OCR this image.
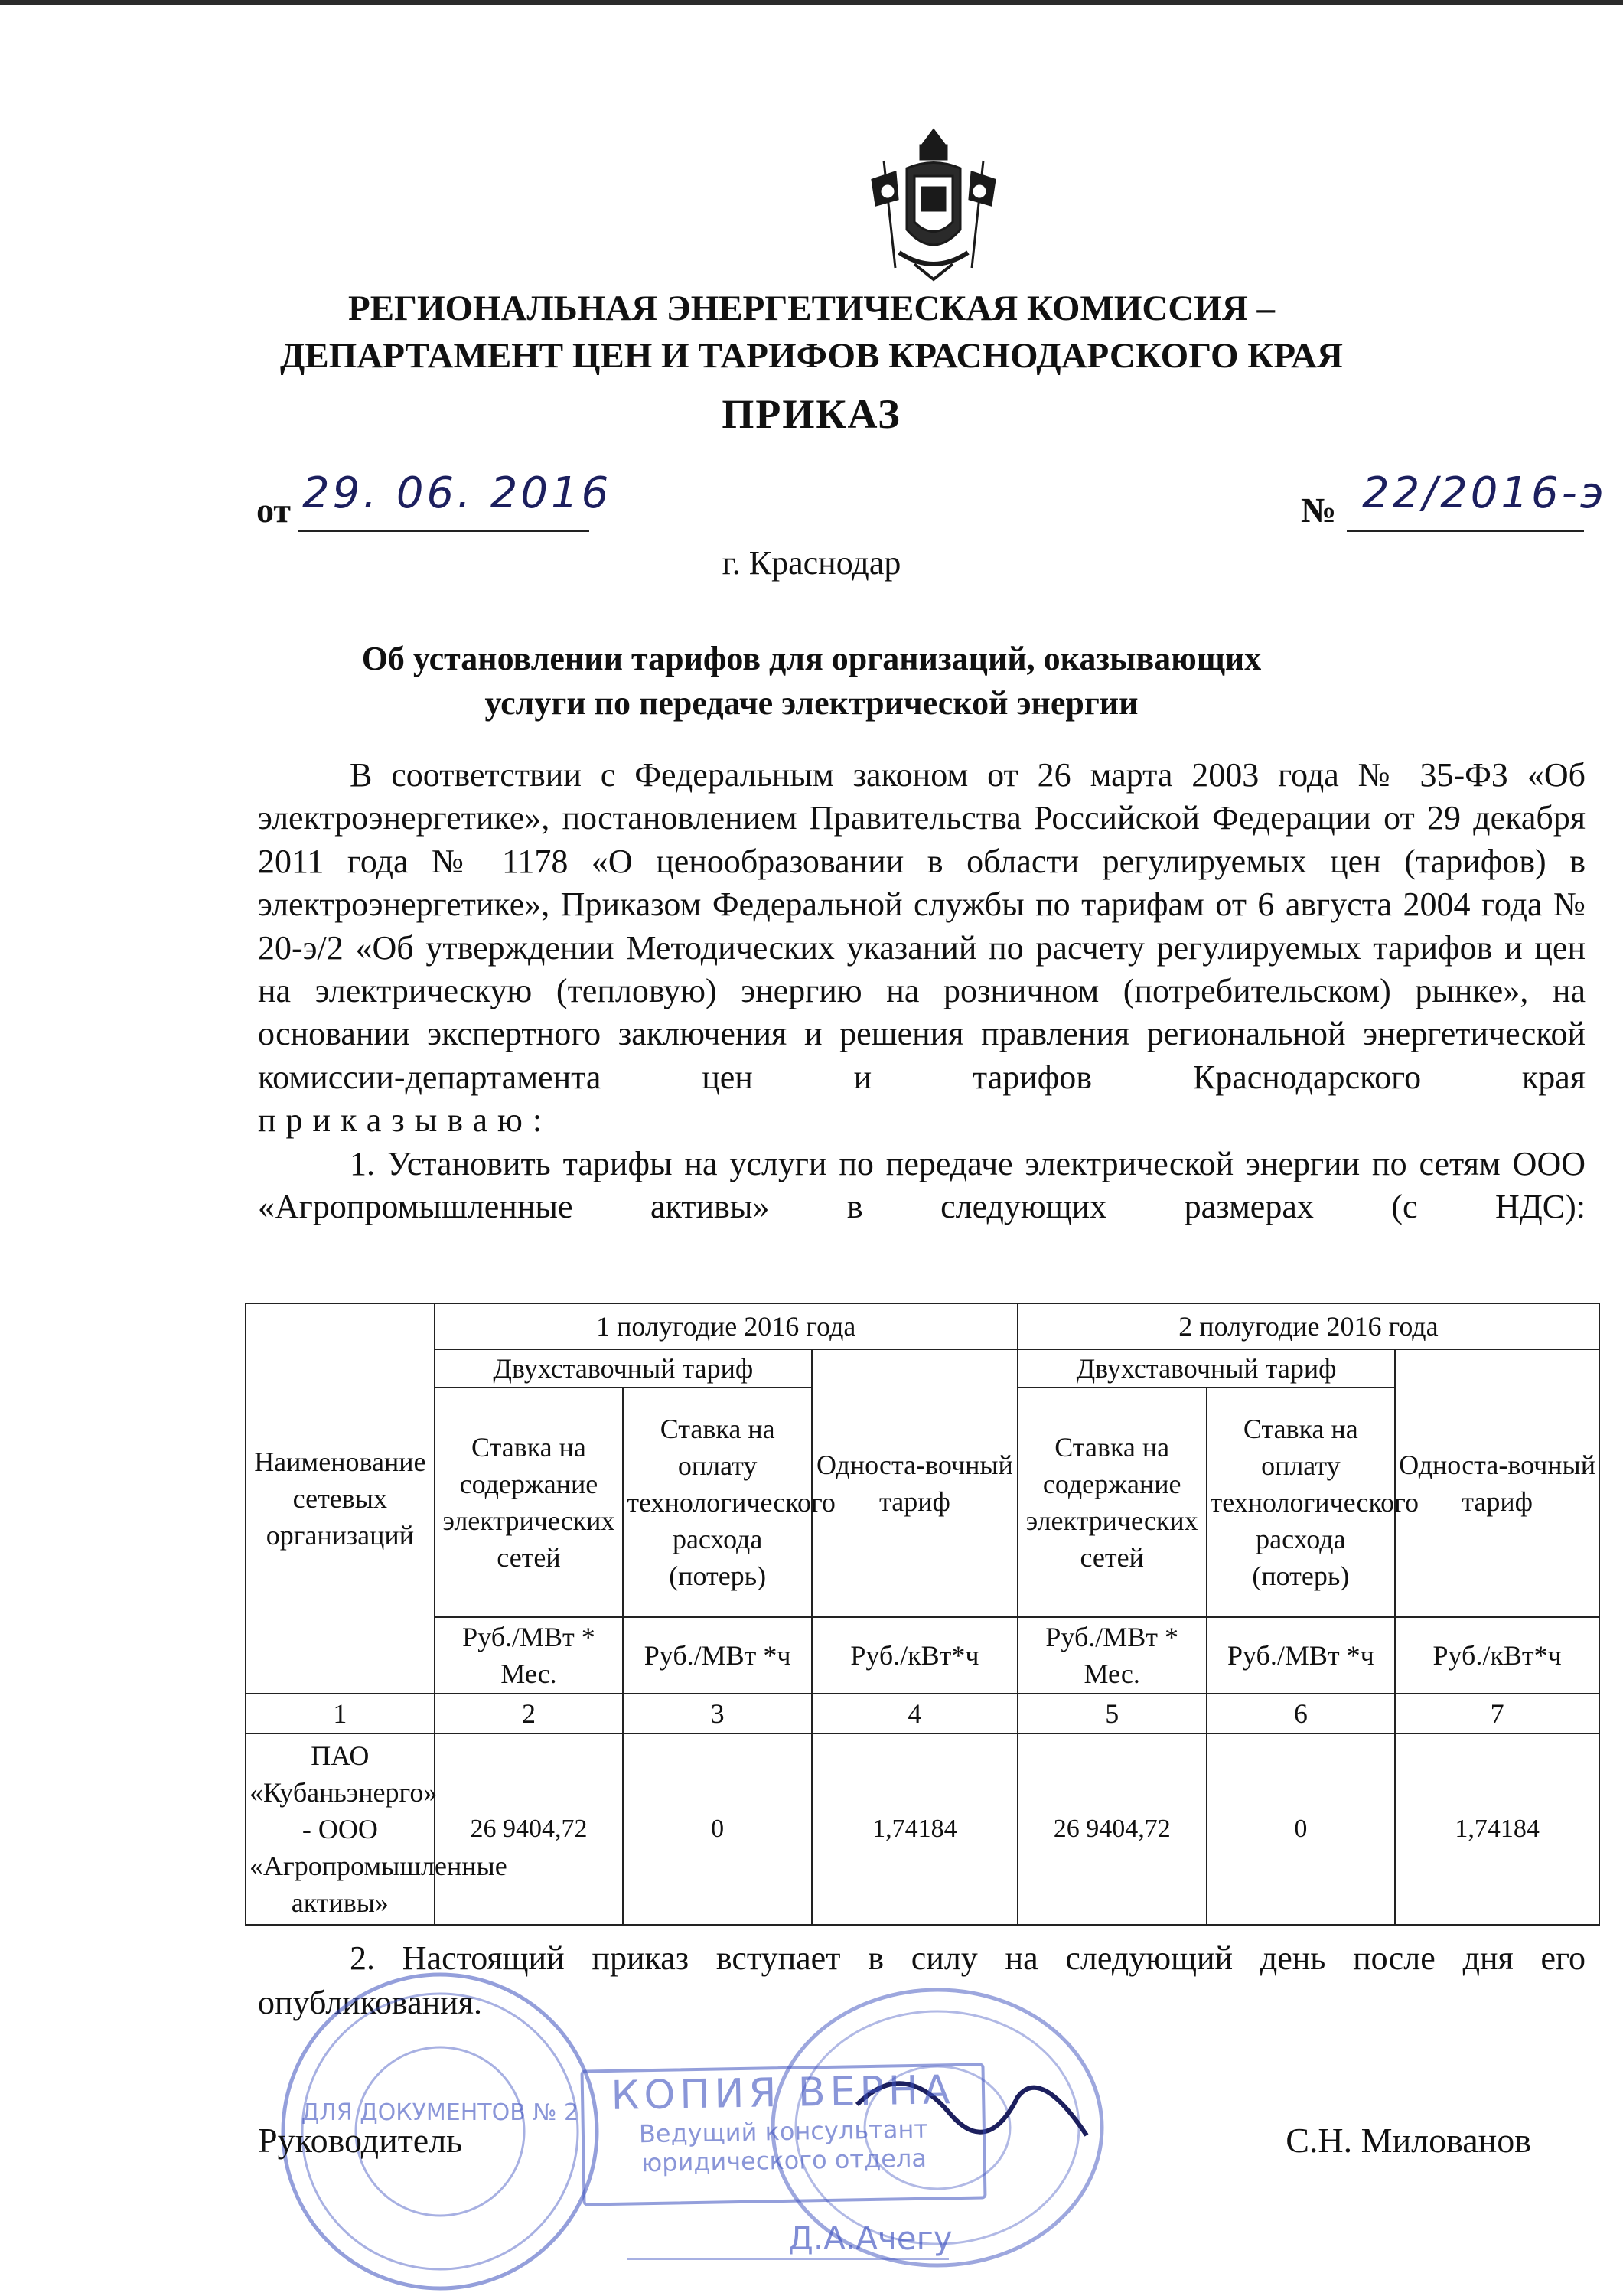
РЕГИОНАЛЬНАЯ ЭНЕРГЕТИЧЕСКАЯ КОМИССИЯ –
ДЕПАРТАМЕНТ ЦЕН И ТАРИФОВ КРАСНОДАРСКОГО КРАЯ
ПРИКАЗ
от 29. 06. 2016	№ 22/2016-э
г. Краснодар
Об установлении тарифов для организаций, оказывающих
услуги по передаче электрической энергии

В соответствии с Федеральным законом от 26 марта 2003 года № 35-ФЗ «Об электроэнергетике», постановлением Правительства Российской Федерации от 29 декабря 2011 года № 1178 «О ценообразовании в области регулируемых цен (тарифов) в электроэнергетике», Приказом Федеральной службы по тарифам от 6 августа 2004 года № 20-э/2 «Об утверждении Методических указаний по расчету регулируемых тарифов и цен на электрическую (тепловую) энергию на розничном (потребительском) рынке», на основании экспертного заключения и решения правления региональной энергетической комиссии-департамента цен и тарифов Краснодарского края

приказываю:

1. Установить тарифы на услуги по передаче электрической энергии по сетям ООО «Агропромышленные активы» в следующих размерах (с НДС):

Наименование сетевых организаций	1 полугодие 2016 года			2 полугодие 2016 года		
	Двухставочный тариф		Односта-вочный тариф	Двухставочный тариф		Односта-вочный тариф
	Ставка на содержание электрических сетей	Ставка на оплату технологического расхода (потерь)		Ставка на содержание электрических сетей	Ставка на оплату технологического расхода (потерь)	
	Руб./МВт * Мес.	Руб./МВт *ч	Руб./кВт*ч	Руб./МВт * Мес.	Руб./МВт *ч	Руб./кВт*ч
1	2	3	4	5	6	7
ПАО «Кубаньэнерго» - ООО «Агропромышленные активы»	26 9404,72	0	1,74184	26 9404,72	0	1,74184
2. Настоящий приказ вступает в силу на следующий день после дня его опубликования.
ДЛЯ ДОКУМЕНТОВ № 2 КОПИЯ ВЕРНА
Ведущий консультант
юридического отдела
Д.А.Ачегу
Руководитель	С.Н. Милованов
